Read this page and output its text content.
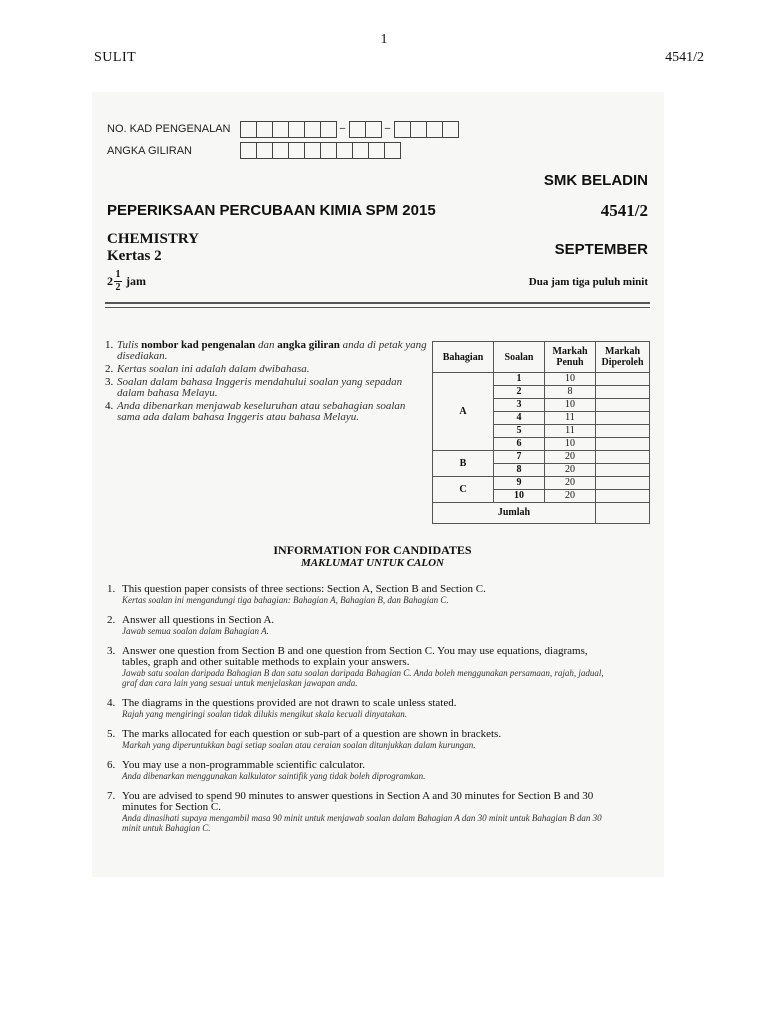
1
SULIT	4541/2
NO. KAD PENGENALAN	–	–
ANGKA GILIRAN
SMK BELADIN
PEPERIKSAAN PERCUBAAN KIMIA SPM 2015	4541/2
CHEMISTRY
Kertas 2	SEPTEMBER
$2 \frac{1}{2}$ jam	Dua jam tiga puluh minit
1. Tulis nombor kad pengenalan dan angka giliran anda di petak yang disediakan.
2. Kertas soalan ini adalah dalam dwibahasa.
3. Soalan dalam bahasa Inggeris mendahului soalan yang sepadan dalam bahasa Melayu.
4. Anda dibenarkan menjawab keseluruhan atau sebahagian soalan sama ada dalam bahasa Inggeris atau bahasa Melayu.
Bahagian	Soalan	Markah Penuh	Markah Diperoleh
A	1	10	
	2	8	
	3	10	
	4	11	
	5	11	
	6	10	
B	7	20	
	8	20	
C	9	20	
	10	20	
Jumlah			
INFORMATION FOR CANDIDATES
MAKLUMAT UNTUK CALON
1. This question paper consists of three sections: Section A, Section B and Section C.
Kertas soalan ini mengandungi tiga bahagian: Bahagian A, Bahagian B, dan Bahagian C.
2. Answer all questions in Section A.
Jawab semua soalan dalam Bahagian A.
3. Answer one question from Section B and one question from Section C. You may use equations, diagrams, tables, graph and other suitable methods to explain your answers.
Jawab satu soalan daripada Bahagian B dan satu soalan daripada Bahagian C. Anda boleh menggunakan persamaan, rajah, jadual, graf dan cara lain yang sesuai untuk menjelaskan jawapan anda.
4. The diagrams in the questions provided are not drawn to scale unless stated.
Rajah yang mengiringi soalan tidak dilukis mengikut skala kecuali dinyatakan.
5. The marks allocated for each question or sub-part of a question are shown in brackets.
Markah yang diperuntukkan bagi setiap soalan atau ceraian soalan ditunjukkan dalam kurungan.
6. You may use a non-programmable scientific calculator.
Anda dibenarkan menggunakan kalkulator saintifik yang tidak boleh diprogramkan.
7. You are advised to spend 90 minutes to answer questions in Section A and 30 minutes for Section B and 30 minutes for Section C.
Anda dinasihati supaya mengambil masa 90 minit untuk menjawab soalan dalam Bahagian A dan 30 minit untuk Bahagian B dan 30 minit untuk Bahagian C.
